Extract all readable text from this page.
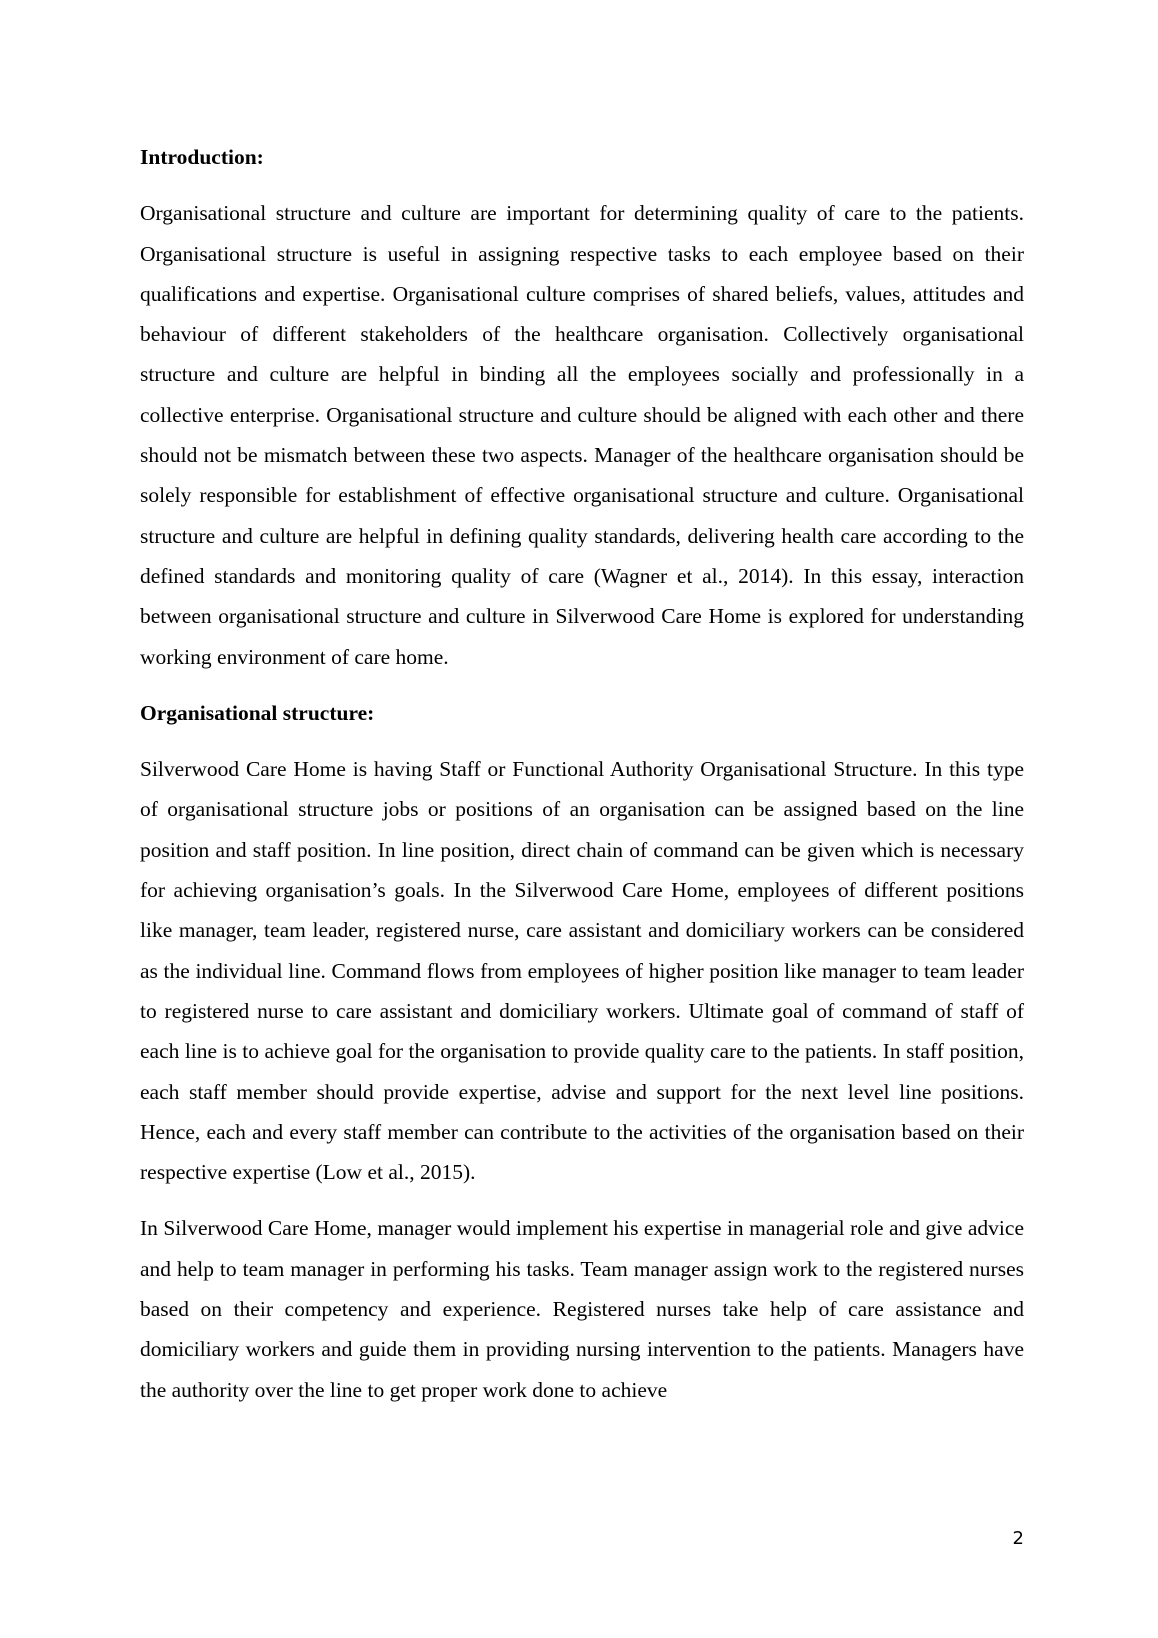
Introduction:

Organisational structure and culture are important for determining quality of care to the patients. Organisational structure is useful in assigning respective tasks to each employee based on their qualifications and expertise. Organisational culture comprises of shared beliefs, values, attitudes and behaviour of different stakeholders of the healthcare organisation. Collectively organisational structure and culture are helpful in binding all the employees socially and professionally in a collective enterprise. Organisational structure and culture should be aligned with each other and there should not be mismatch between these two aspects. Manager of the healthcare organisation should be solely responsible for establishment of effective organisational structure and culture. Organisational structure and culture are helpful in defining quality standards, delivering health care according to the defined standards and monitoring quality of care (Wagner et al., 2014). In this essay, interaction between organisational structure and culture in Silverwood Care Home is explored for understanding working environment of care home.

Organisational structure:

Silverwood Care Home is having Staff or Functional Authority Organisational Structure. In this type of organisational structure jobs or positions of an organisation can be assigned based on the line position and staff position. In line position, direct chain of command can be given which is necessary for achieving organisation’s goals. In the Silverwood Care Home, employees of different positions like manager, team leader, registered nurse, care assistant and domiciliary workers can be considered as the individual line. Command flows from employees of higher position like manager to team leader to registered nurse to care assistant and domiciliary workers. Ultimate goal of command of staff of each line is to achieve goal for the organisation to provide quality care to the patients. In staff position, each staff member should provide expertise, advise and support for the next level line positions. Hence, each and every staff member can contribute to the activities of the organisation based on their respective expertise (Low et al., 2015).

In Silverwood Care Home, manager would implement his expertise in managerial role and give advice and help to team manager in performing his tasks. Team manager assign work to the registered nurses based on their competency and experience. Registered nurses take help of care assistance and domiciliary workers and guide them in providing nursing intervention to the patients. Managers have the authority over the line to get proper work done to achieve

2
